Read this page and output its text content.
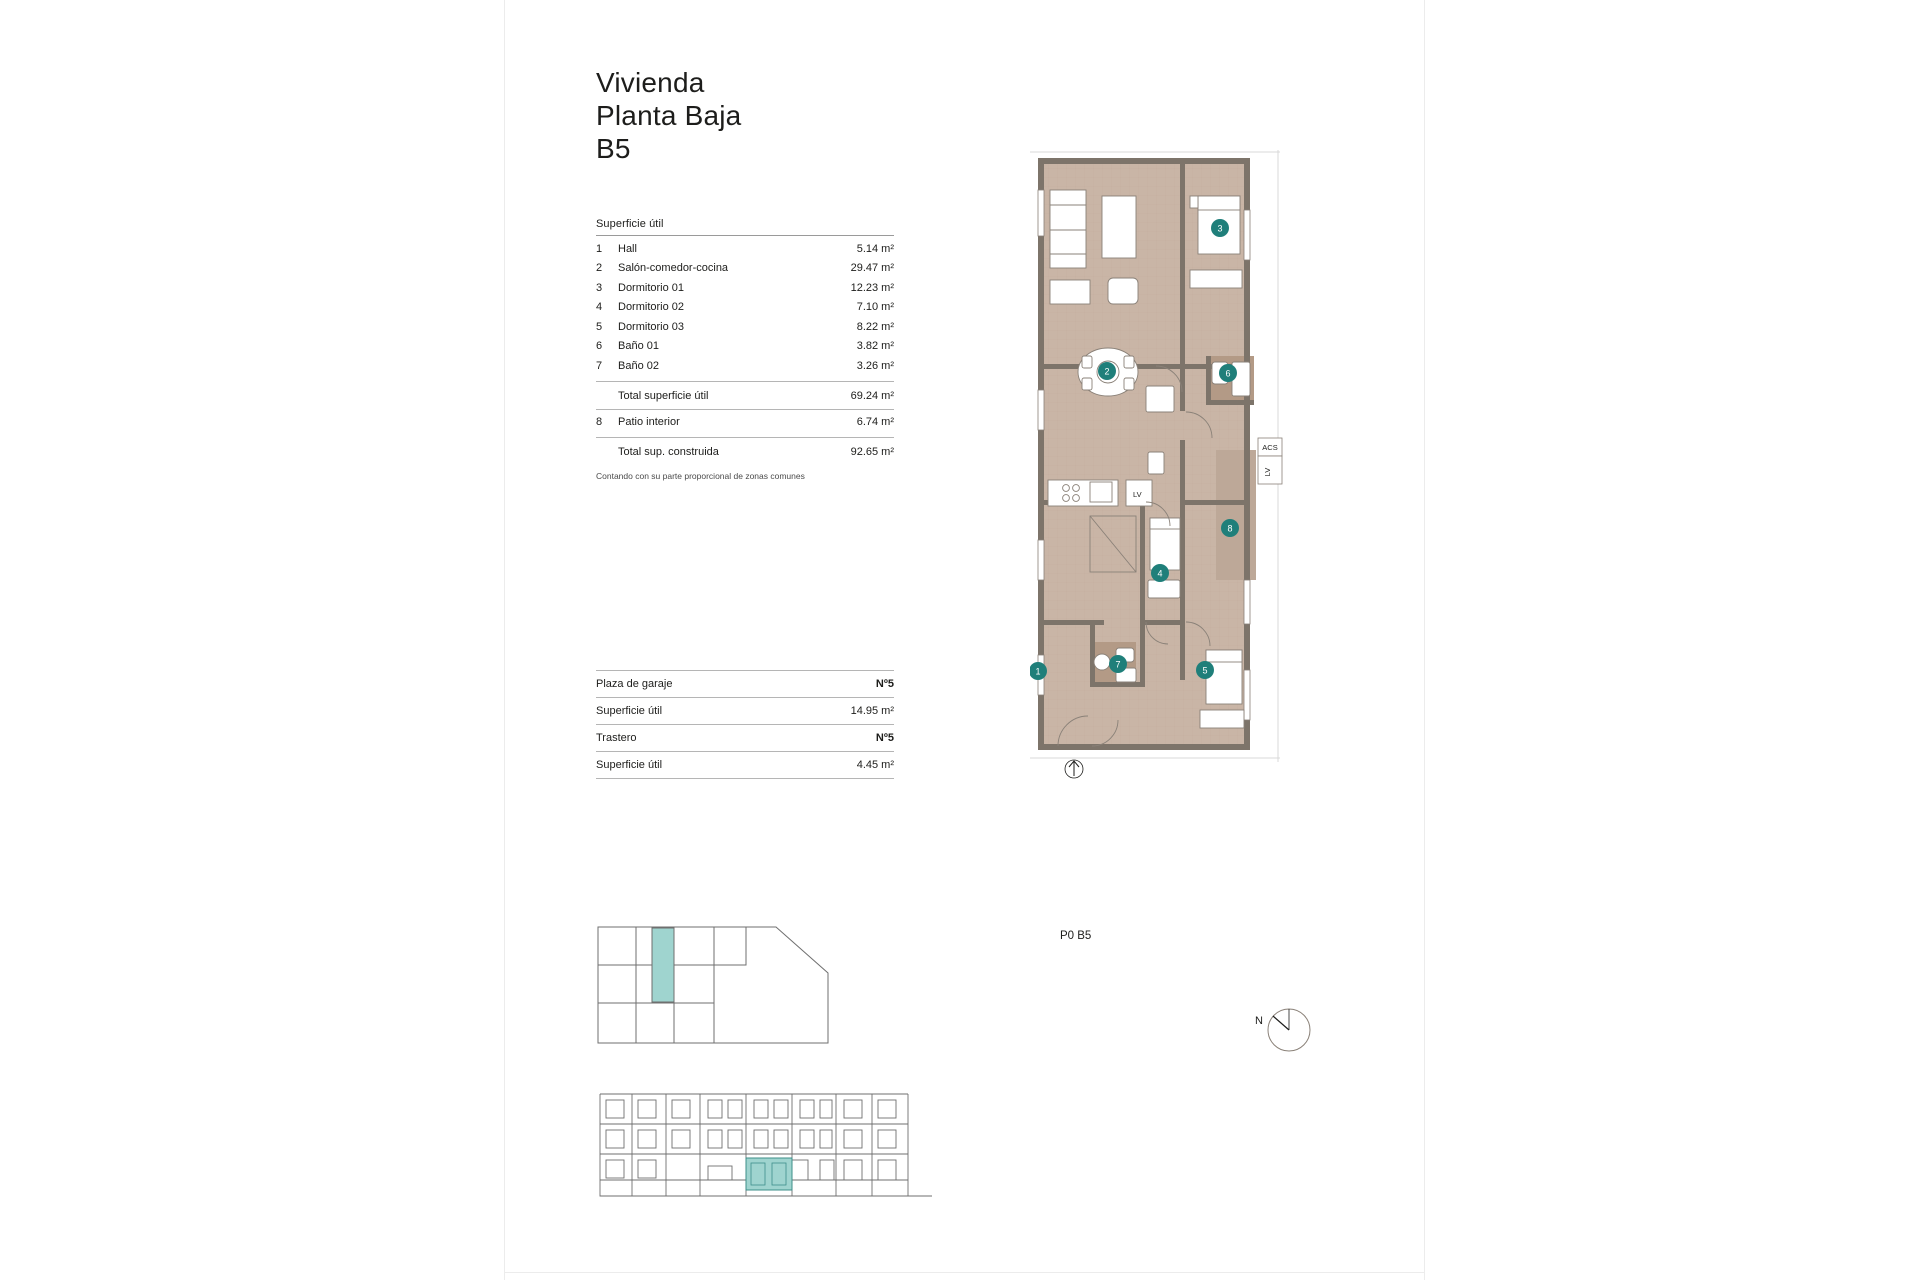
Vivienda
Planta Baja
B5
Superficie útil
1	Hall	5.14 m²
2	Salón-comedor-cocina	29.47 m²
3	Dormitorio 01	12.23 m²
4	Dormitorio 02	7.10 m²
5	Dormitorio 03	8.22 m²
6	Baño 01	3.82 m²
7	Baño 02	3.26 m²
Total superficie útil	69.24 m²
8	Patio interior	6.74 m²
Total sup. construida	92.65 m²
Contando con su parte proporcional de zonas comunes
Plaza de garaje	Nº5
Superficie útil	14.95 m²
Trastero	Nº5
Superficie útil	4.45 m²
LV
2
3
6
8
4
7
5
1
ACS
LV
P0 B5
N
